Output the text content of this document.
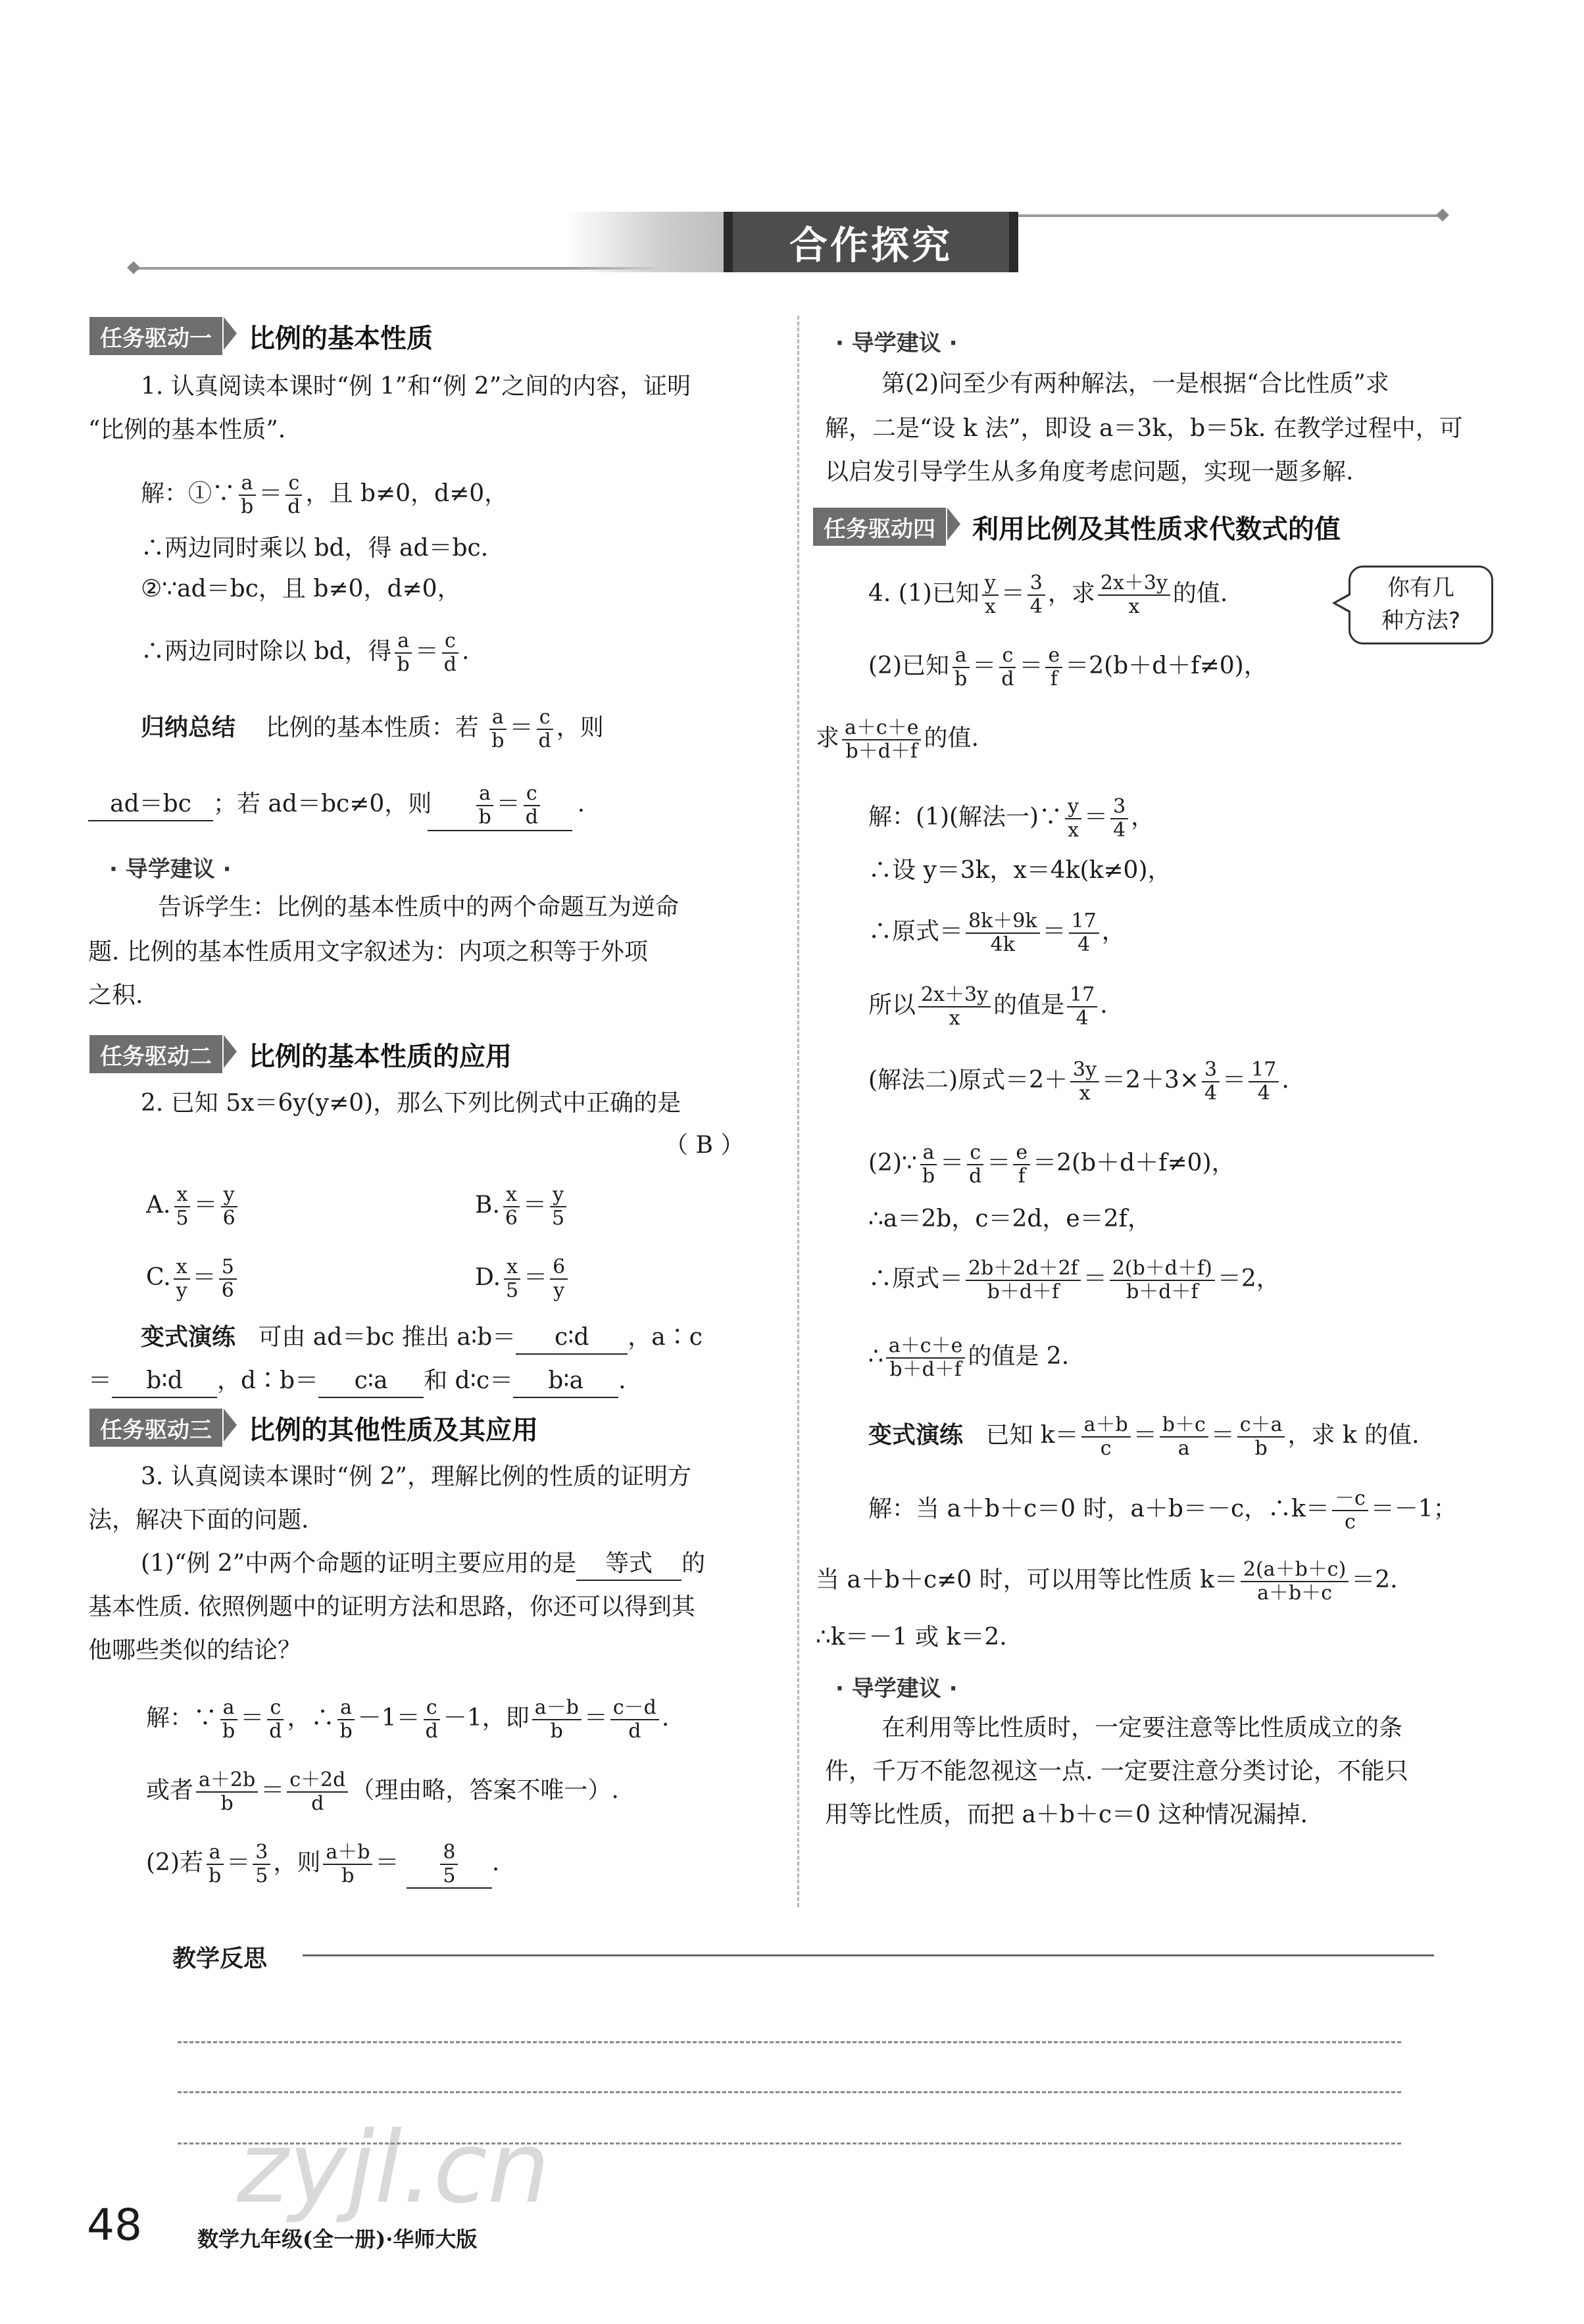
合作探究
任务驱动一	比例的基本性质
1. 认真阅读本课时“例 1”和“例 2”之间的内容，证明
“比例的基本性质”.
解：①∵ $\frac{a}{b} = \frac{c}{d}$ ，且 b≠0，d≠0，
∴两边同时乘以 bd，得 ad＝bc.
②∵ad＝bc，且 b≠0，d≠0，
∴两边同时除以 bd，得 $\frac{a}{b} = \frac{c}{d}$ .
归纳总结 比例的基本性质：若 $\frac{a}{b} = \frac{c}{d}$ ，则
ad＝bc ；若 ad＝bc≠0，则 $\frac{a}{b} = \frac{c}{d}$ .
· 导学建议 ·
告诉学生：比例的基本性质中的两个命题互为逆命
题. 比例的基本性质用文字叙述为：内项之积等于外项
之积.
任务驱动二	比例的基本性质的应用
2. 已知 5x＝6y(y≠0)，那么下列比例式中正确的是
（ B ）
A. $\frac{x}{5} = \frac{y}{6}$	B. $\frac{x}{6} = \frac{y}{5}$
C. $\frac{x}{y} = \frac{5}{6}$	D. $\frac{x}{5} = \frac{6}{y}$
变式演练 可由 ad＝bc 推出 a∶b＝ c∶d ，a∶c
＝ b∶d ，d∶b＝ c∶a 和 d∶c＝ b∶a .
任务驱动三	比例的其他性质及其应用
3. 认真阅读本课时“例 2”，理解比例的性质的证明方
法，解决下面的问题.
(1)“例 2”中两个命题的证明主要应用的是 等式 的
基本性质. 依照例题中的证明方法和思路，你还可以得到其
他哪些类似的结论？
解：∵ $\frac{a}{b} = \frac{c}{d}$ ，∴ $\frac{a}{b} -1= \frac{c}{d} -1$，即 $\frac{a-b}{b} = \frac{c-d}{d}$ .
或者 $\frac{a+2b}{b} = \frac{c+2d}{d}$ （理由略，答案不唯一）.
(2)若 $\frac{a}{b} = \frac{3}{5}$ ，则 $\frac{a+b}{b} = \frac{8}{5}$ .
· 导学建议 ·
第(2)问至少有两种解法，一是根据“合比性质”求
解，二是“设 k 法”，即设 a＝3k，b＝5k. 在教学过程中，可
以启发引导学生从多角度考虑问题，实现一题多解.
任务驱动四	利用比例及其性质求代数式的值
4. (1)已知 $\frac{y}{x} = \frac{3}{4}$ ，求 $\frac{2x+3y}{x}$ 的值.	你有几
种方法?
(2)已知 $\frac{a}{b} = \frac{c}{d} = \frac{e}{f} =2(b+d+f\ne 0)$，
求 $\frac{a+c+e}{b+d+f}$ 的值.
解：(1)(解法一)∵ $\frac{y}{x} = \frac{3}{4}$ ，
∴设 y＝3k，x＝4k(k≠0)，
∴原式＝ $\frac{8k+9k}{4k} = \frac{17}{4}$ ，
所以 $\frac{2x+3y}{x}$ 的值是 $\frac{17}{4}$ .
(解法二)原式$=2+ \frac{3y}{x} =2+3\times \frac{3}{4} = \frac{17}{4}$ .
(2)∵ $\frac{a}{b} = \frac{c}{d} = \frac{e}{f} =2(b+d+f\ne 0)$，
∴a＝2b，c＝2d，e＝2f，
∴原式＝ $\frac{2b+2d+2f}{b+d+f} = \frac{2(b+d+f)}{b+d+f} =2$，
∴ $\frac{a+c+e}{b+d+f}$ 的值是 2.
变式演练 已知 $k= \frac{a+b}{c} = \frac{b+c}{a} = \frac{c+a}{b}$ ，求 k 的值.
解：当 a＋b＋c＝0 时，a＋b＝－c，∴k＝ $\frac{-c}{c} =-1$；
当 a＋b＋c≠0 时，可以用等比性质 $k= \frac{2(a+b+c)}{a+b+c} =2$.
∴k＝－1 或 k＝2.
· 导学建议 ·
在利用等比性质时，一定要注意等比性质成立的条
件，千万不能忽视这一点. 一定要注意分类讨论，不能只
用等比性质，而把 a＋b＋c＝0 这种情况漏掉.
教学反思
zyjl.cn
48	数学九年级(全一册)·华师大版
